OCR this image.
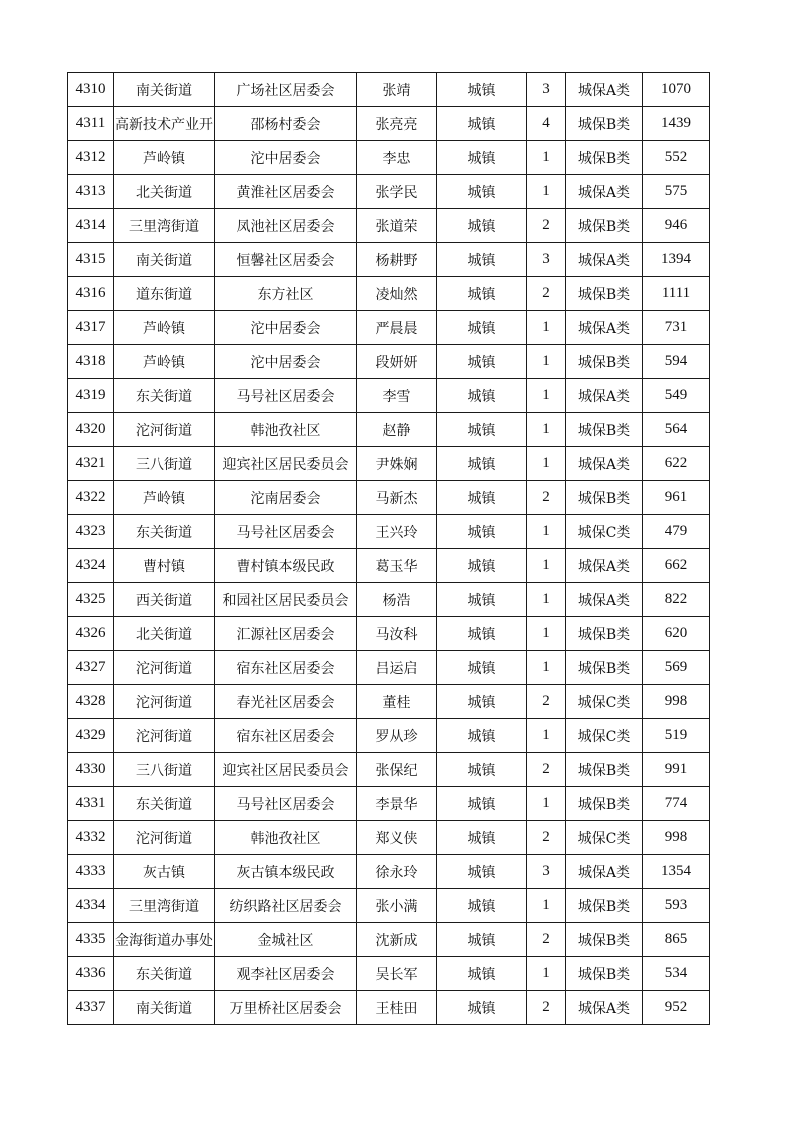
4310	南关街道	广场社区居委会	张靖	城镇	3	城保A类	1070
4311	高新技术产业开	邵杨村委会	张亮亮	城镇	4	城保B类	1439
4312	芦岭镇	沱中居委会	李忠	城镇	1	城保B类	552
4313	北关街道	黄淮社区居委会	张学民	城镇	1	城保A类	575
4314	三里湾街道	凤池社区居委会	张道荣	城镇	2	城保B类	946
4315	南关街道	恒馨社区居委会	杨耕野	城镇	3	城保A类	1394
4316	道东街道	东方社区	凌灿然	城镇	2	城保B类	1111
4317	芦岭镇	沱中居委会	严晨晨	城镇	1	城保A类	731
4318	芦岭镇	沱中居委会	段妍妍	城镇	1	城保B类	594
4319	东关街道	马号社区居委会	李雪	城镇	1	城保A类	549
4320	沱河街道	韩池孜社区	赵静	城镇	1	城保B类	564
4321	三八街道	迎宾社区居民委员会	尹姝娴	城镇	1	城保A类	622
4322	芦岭镇	沱南居委会	马新杰	城镇	2	城保B类	961
4323	东关街道	马号社区居委会	王兴玲	城镇	1	城保C类	479
4324	曹村镇	曹村镇本级民政	葛玉华	城镇	1	城保A类	662
4325	西关街道	和园社区居民委员会	杨浩	城镇	1	城保A类	822
4326	北关街道	汇源社区居委会	马汝科	城镇	1	城保B类	620
4327	沱河街道	宿东社区居委会	吕运启	城镇	1	城保B类	569
4328	沱河街道	春光社区居委会	董桂	城镇	2	城保C类	998
4329	沱河街道	宿东社区居委会	罗从珍	城镇	1	城保C类	519
4330	三八街道	迎宾社区居民委员会	张保纪	城镇	2	城保B类	991
4331	东关街道	马号社区居委会	李景华	城镇	1	城保B类	774
4332	沱河街道	韩池孜社区	郑义侠	城镇	2	城保C类	998
4333	灰古镇	灰古镇本级民政	徐永玲	城镇	3	城保A类	1354
4334	三里湾街道	纺织路社区居委会	张小满	城镇	1	城保B类	593
4335	金海街道办事处	金城社区	沈新成	城镇	2	城保B类	865
4336	东关街道	观李社区居委会	吴长军	城镇	1	城保B类	534
4337	南关街道	万里桥社区居委会	王桂田	城镇	2	城保A类	952
